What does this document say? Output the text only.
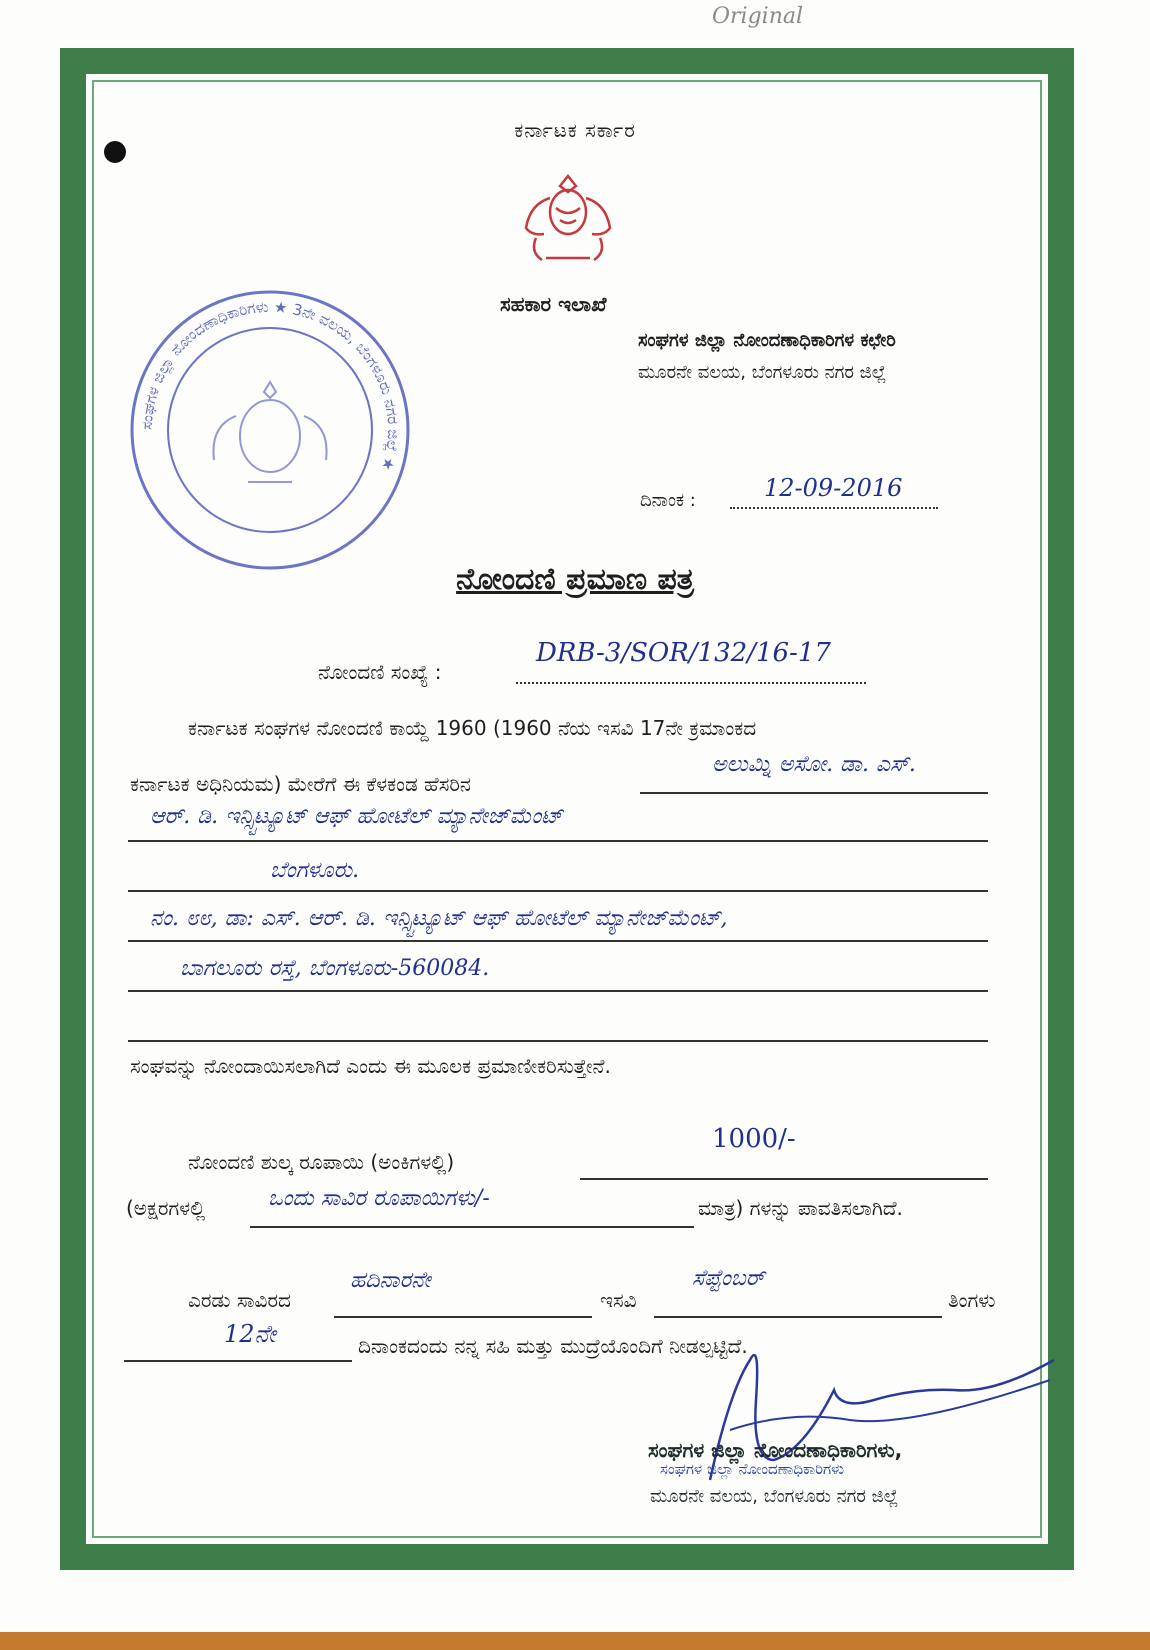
Original
ಕರ್ನಾಟಕ ಸರ್ಕಾರ
ಸಹಕಾರ ಇಲಾಖೆ
ಸಂಘಗಳ ಜಿಲ್ಲಾ ನೋಂದಣಾಧಿಕಾರಿಗಳ ಕಛೇರಿ
ಮೂರನೇ ವಲಯ, ಬೆಂಗಳೂರು ನಗರ ಜಿಲ್ಲೆ
ಸಂಘಗಳ ಜಿಲ್ಲಾ ನೋಂದಣಾಧಿಕಾರಿಗಳು ★ 3ನೇ ವಲಯ, ಬೆಂಗಳೂರು ನಗರ ಜಿಲ್ಲೆ ★
ದಿನಾಂಕ :	12-09-2016
ನೋಂದಣಿ ಪ್ರಮಾಣ ಪತ್ರ
ನೋಂದಣಿ ಸಂಖ್ಯೆ :
DRB-3/SOR/132/16-17
ಕರ್ನಾಟಕ ಸಂಘಗಳ ನೋಂದಣಿ ಕಾಯ್ದೆ 1960 (1960 ನೆಯ ಇಸವಿ 17ನೇ ಕ್ರಮಾಂಕದ
ಕರ್ನಾಟಕ ಅಧಿನಿಯಮ) ಮೇರೆಗೆ ಈ ಕೆಳಕಂಡ ಹೆಸರಿನ
ಅಲುಮ್ನಿ ಅಸೋ. ಡಾ. ಎಸ್.
ಆರ್. ಡಿ. ಇನ್ಸ್ಟಿಟ್ಯೂಟ್ ಆಫ್ ಹೋಟೆಲ್ ಮ್ಯಾನೇಜ್‌ಮೆಂಟ್
ಬೆಂಗಳೂರು.
ನಂ. ೮೮, ಡಾ: ಎಸ್. ಆರ್. ಡಿ. ಇನ್ಸ್ಟಿಟ್ಯೂಟ್ ಆಫ್ ಹೋಟೆಲ್ ಮ್ಯಾನೇಜ್‌ಮೆಂಟ್,
ಬಾಗಲೂರು ರಸ್ತೆ, ಬೆಂಗಳೂರು-560084.
ಸಂಘವನ್ನು ನೋಂದಾಯಿಸಲಾಗಿದೆ ಎಂದು ಈ ಮೂಲಕ ಪ್ರಮಾಣೀಕರಿಸುತ್ತೇನೆ.
ನೋಂದಣಿ ಶುಲ್ಕ ರೂಪಾಯಿ (ಅಂಕಿಗಳಲ್ಲಿ)
1000/-
(ಅಕ್ಷರಗಳಲ್ಲಿ	ಒಂದು ಸಾವಿರ ರೂಪಾಯಿಗಳು/-	ಮಾತ್ರ) ಗಳನ್ನು ಪಾವತಿಸಲಾಗಿದೆ.
ಎರಡು ಸಾವಿರದ
ಹದಿನಾರನೇ
ಇಸವಿ
ಸೆಪ್ಟೆಂಬರ್
ತಿಂಗಳು
12ನೇ	ದಿನಾಂಕದಂದು ನನ್ನ ಸಹಿ ಮತ್ತು ಮುದ್ರೆಯೊಂದಿಗೆ ನೀಡಲ್ಪಟ್ಟಿದೆ.
ಸಂಘಗಳ ಜಿಲ್ಲಾ ನೋಂದಣಾಧಿಕಾರಿಗಳು,
ಸಂಘಗಳ ಜಿಲ್ಲಾ ನೋಂದಣಾಧಿಕಾರಿಗಳು
ಮೂರನೇ ವಲಯ, ಬೆಂಗಳೂರು ನಗರ ಜಿಲ್ಲೆ
